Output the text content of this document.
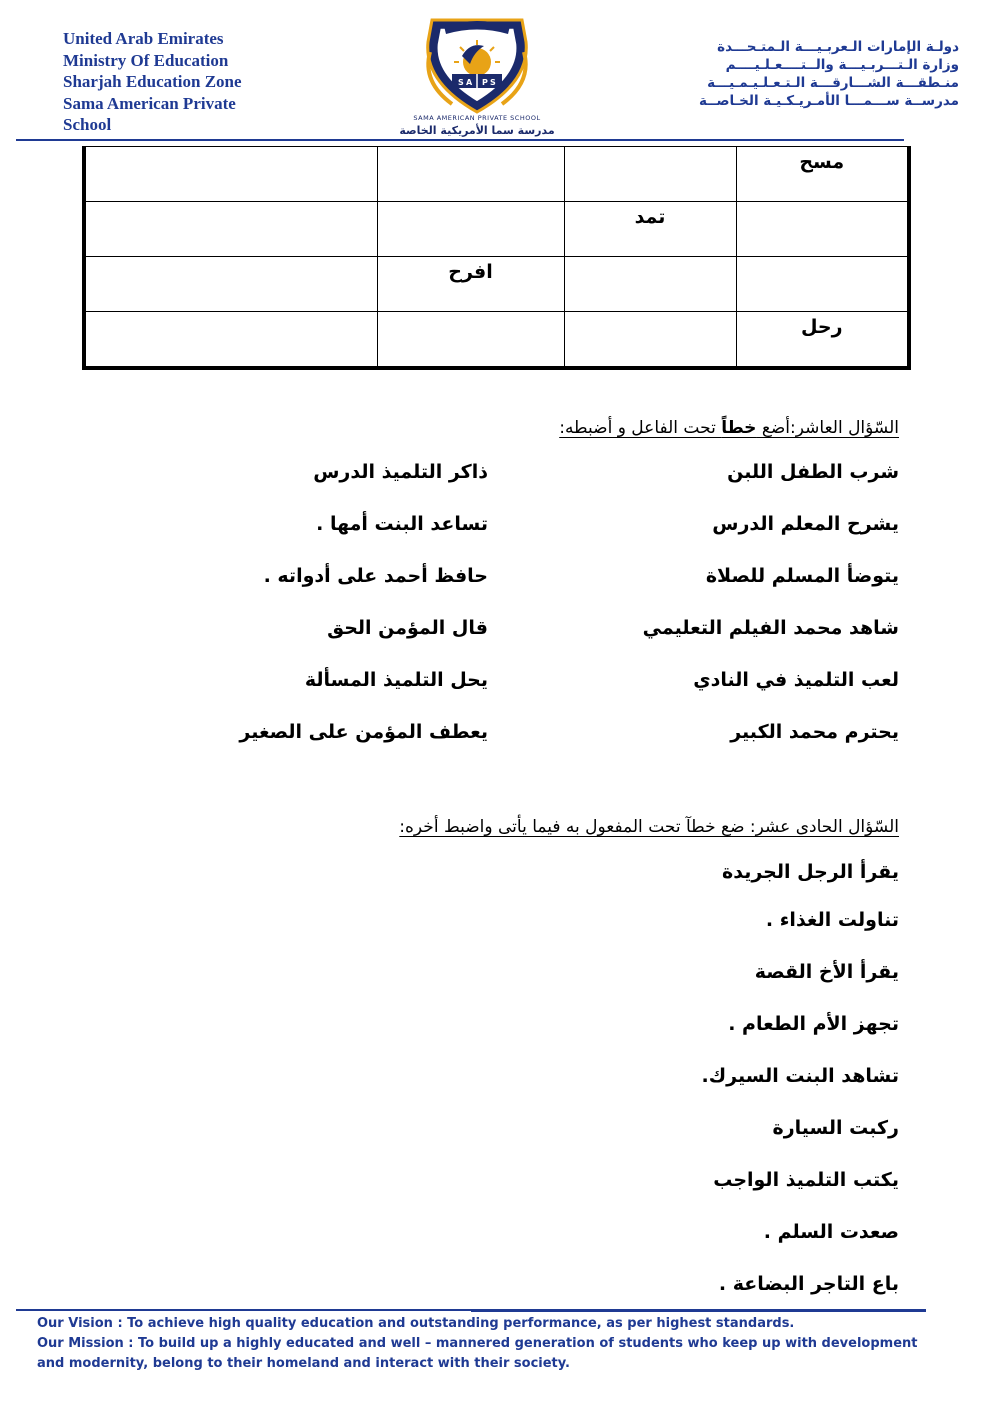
United Arab Emirates
Ministry Of Education
Sharjah Education Zone
Sama American Private
School
S A P S
SAMA AMERICAN PRIVATE SCHOOL
مدرسة سما الأمريكية الخاصة
دولـة الإمارات الـعربـيـــة الـمتـحـــدة
وزارة الـتـــربـيـــة والــتــــعـلـيــــم
منـطقـــة الشـــارقـــة الـتـعـلـيـمـيـــة
مدرســة ســـمـــا الأمـريـكـيـة الخـاصــة

			مسح

		تمد	

	افرح		

			رحل
السّؤال العاشر:أضع خطاً تحت الفاعل و أضبطه:
شرب الطفل اللبن
ذاكر التلميذ الدرس
يشرح المعلم الدرس
تساعد البنت أمها .
يتوضأ المسلم للصلاة
حافظ أحمد على أدواته .
شاهد محمد الفيلم التعليمي
قال المؤمن الحق
لعب التلميذ في النادي
يحل التلميذ المسألة
يحترم محمد الكبير
يعطف المؤمن على الصغير
السّؤال الحادى عشر: ضع خطآ تحت المفعول به فيما يأتى واضبط أخره:
يقرأ الرجل الجريدة
تناولت الغذاء .
يقرأ الأخ القصة
تجهز الأم الطعام .
تشاهد البنت السيرك.
ركبت السيارة
يكتب التلميذ الواجب
صعدت السلم .
باع التاجر البضاعة .
Our Vision : To achieve high quality education and outstanding performance, as per highest standards.
Our Mission : To build up a highly educated and well – mannered generation of students who keep up with development
and modernity, belong to their homeland and interact with their society.
